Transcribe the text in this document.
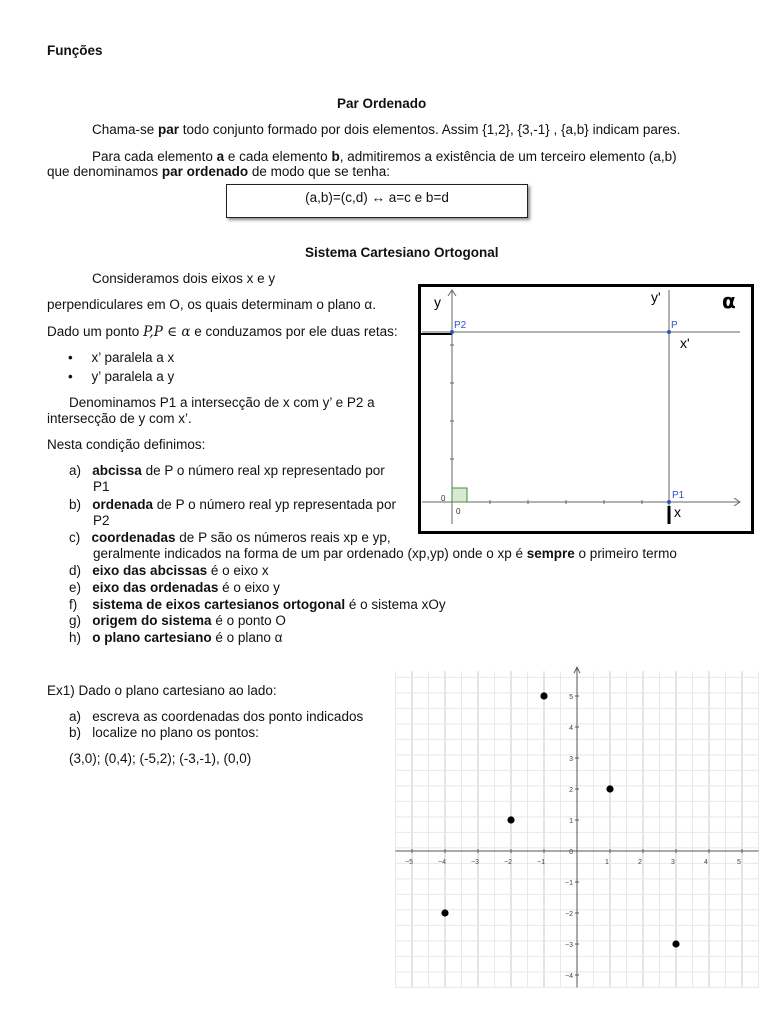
Funções
Par Ordenado
Chama-se par todo conjunto formado por dois elementos. Assim {1,2}, {3,-1} , {a,b} indicam pares.
Para cada elemento a e cada elemento b, admitiremos a existência de um terceiro elemento (a,b)
que denominamos par ordenado de modo que se tenha:
(a,b)=(c,d) ↔ a=c e b=d
Sistema Cartesiano Ortogonal
Consideramos dois eixos x e y
perpendiculares em O, os quais determinam o plano α.
Dado um ponto P,P ∈ α e conduzamos por ele duas retas:
•     x’ paralela a x
•     y’ paralela a y
Denominamos P1 a intersecção de x com y’ e P2 a
intersecção de y com x’.
Nesta condição definimos:
a) abcissa de P o número real xp representado por
P1
b) ordenada de P o número real yp representada por
P2
c) coordenadas de P são os números reais xp e yp,
geralmente indicados na forma de um par ordenado (xp,yp) onde o xp é sempre o primeiro termo
d) eixo das abcissas é o eixo x
e) eixo das ordenadas é o eixo y
f) sistema de eixos cartesianos ortogonal é o sistema xOy
g) origem do sistema é o ponto O
h) o plano cartesiano é o plano α
y	y'	α
P2	P
x'
0
0
P1
x
Ex1) Dado o plano cartesiano ao lado:
a) escreva as coordenadas dos ponto indicados
b) localize no plano os pontos:
(3,0); (0,4); (-5,2); (-3,-1), (0,0)
−5	−4	−3	−2	−1	1	2	3	4	5
−4
−3
−2
−1
0
1
2
3
4
5
